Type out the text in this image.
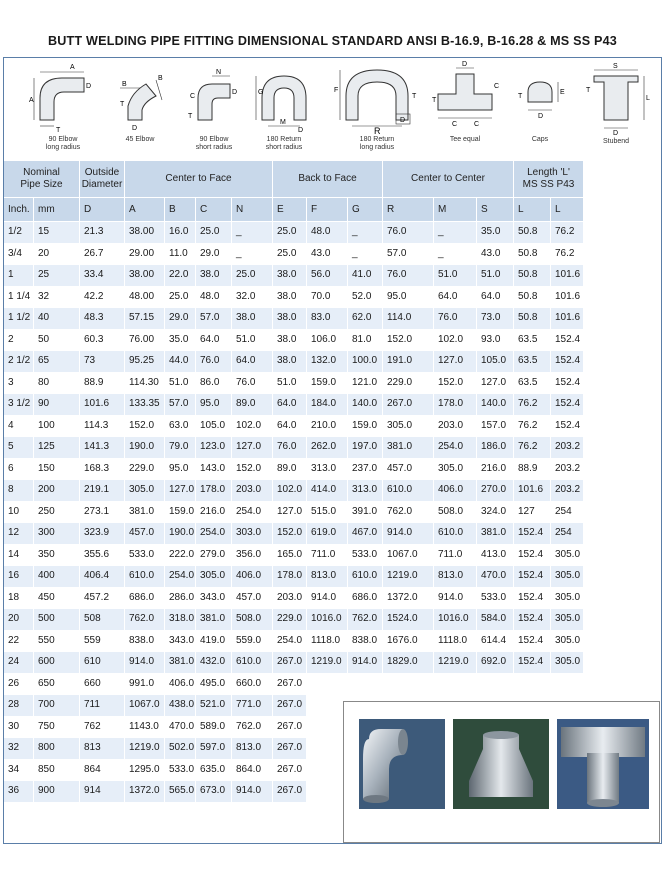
BUTT WELDING PIPE FITTING DIMENSIONAL STANDARD ANSI B-16.9, B-16.28 & MS SS P43
A
A
D
T
90 Elbow
long radius
B
B
T
D
45 Elbow
N
C
T
D
90 Elbow
short radius
G
M
D
180 Return
short radius
F
D
R
T
180 Return
long radius
D
C C
T
C
Tee equal
T
E
D
Caps
S
L
D
T
Stubend
Nominal
Pipe Size
Outside
Diameter
Center to Face	Back to Face	Center to Center
Length 'L'
MS SS P43
Inch. mm	D	A	B	C	N	E	F	G	R	M	S	L	L
1/2	15	21.3	38.00	16.0	25.0	_	25.0	48.0	_	76.0	_	35.0	50.8	76.2
3/4	20	26.7	29.00	11.0	29.0	_	25.0	43.0	_	57.0	_	43.0	50.8	76.2
1	25	33.4	38.00	22.0	38.0	25.0	38.0	56.0	41.0	76.0	51.0	51.0	50.8	101.6
1 1/4 32	42.2	48.00	25.0	48.0	32.0	38.0	70.0	52.0	95.0	64.0	64.0	50.8	101.6
1 1/2 40	48.3	57.15	29.0	57.0	38.0	38.0	83.0	62.0	114.0	76.0	73.0	50.8	101.6
2	50	60.3	76.00	35.0	64.0	51.0	38.0	106.0	81.0	152.0	102.0	93.0	63.5	152.4
2 1/2 65	73	95.25	44.0	76.0	64.0	38.0	132.0	100.0 191.0	127.0	105.0	63.5	152.4
3	80	88.9	114.30	51.0	86.0	76.0	51.0	159.0	121.0 229.0	152.0	127.0	63.5	152.4
3 1/2 90	101.6	133.35 57.0	95.0	89.0	64.0	184.0	140.0 267.0	178.0	140.0	76.2	152.4
4	100	114.3	152.0	63.0	105.0	102.0	64.0	210.0	159.0 305.0	203.0	157.0	76.2	152.4
5	125	141.3	190.0	79.0	123.0	127.0	76.0	262.0	197.0 381.0	254.0	186.0	76.2	203.2
6	150	168.3	229.0	95.0	143.0	152.0	89.0	313.0	237.0 457.0	305.0	216.0	88.9	203.2
8	200	219.1	305.0	127.0 178.0	203.0	102.0 414.0	313.0 610.0	406.0	270.0	101.6	203.2
10	250	273.1	381.0	159.0 216.0	254.0	127.0 515.0	391.0 762.0	508.0	324.0	127	254
12	300	323.9	457.0	190.0 254.0	303.0	152.0 619.0	467.0 914.0	610.0	381.0	152.4	254
14	350	355.6	533.0	222.0 279.0	356.0	165.0 711.0	533.0 1067.0	711.0	413.0	152.4	305.0
16	400	406.4	610.0	254.0 305.0	406.0	178.0 813.0	610.0 1219.0	813.0	470.0	152.4	305.0
18	450	457.2	686.0	286.0 343.0	457.0	203.0 914.0	686.0 1372.0	914.0	533.0	152.4	305.0
20	500	508	762.0	318.0 381.0	508.0	229.0 1016.0	762.0 1524.0	1016.0	584.0	152.4	305.0
22	550	559	838.0	343.0 419.0	559.0	254.0 1118.0	838.0 1676.0	1118.0	614.4	152.4	305.0
24	600	610	914.0	381.0 432.0	610.0	267.0 1219.0	914.0 1829.0	1219.0	692.0	152.4	305.0
26	650	660	991.0	406.0 495.0	660.0	267.0
28	700	711	1067.0 438.0 521.0	771.0	267.0
30	750	762	1143.0	470.0 589.0	762.0	267.0
32	800	813	1219.0 502.0 597.0	813.0	267.0
34	850	864	1295.0 533.0 635.0	864.0	267.0
36	900	914	1372.0 565.0 673.0	914.0	267.0
